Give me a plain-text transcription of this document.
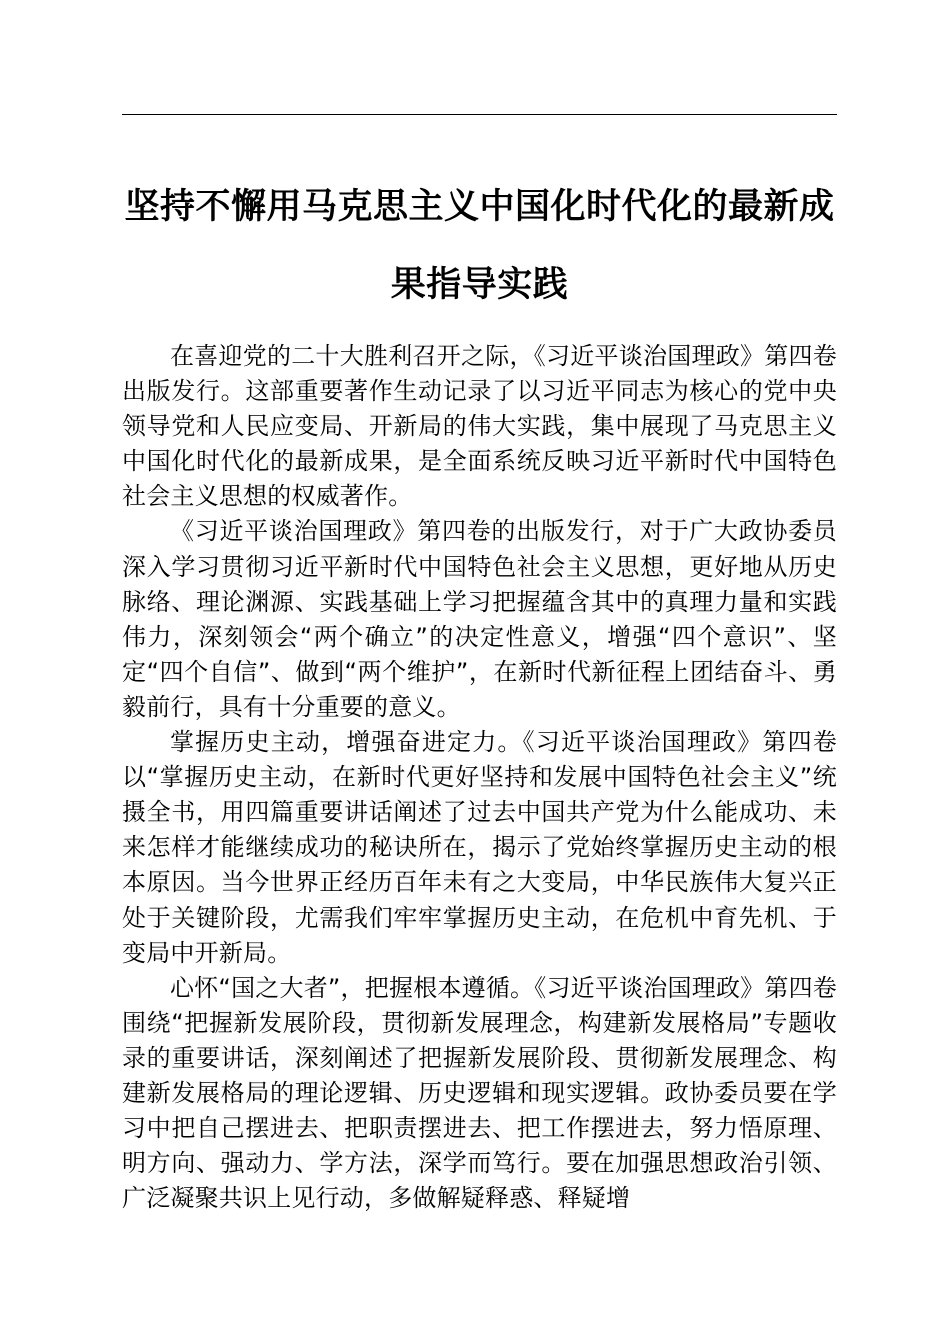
坚持不懈用马克思主义中国化时代化的最新成果指导实践

在喜迎党的二十大胜利召开之际，《习近平谈治国理政》第四卷出版发行。这部重要著作生动记录了以习近平同志为核心的党中央领导党和人民应变局、开新局的伟大实践，集中展现了马克思主义中国化时代化的最新成果，是全面系统反映习近平新时代中国特色社会主义思想的权威著作。

《习近平谈治国理政》第四卷的出版发行，对于广大政协委员深入学习贯彻习近平新时代中国特色社会主义思想，更好地从历史脉络、理论渊源、实践基础上学习把握蕴含其中的真理力量和实践伟力，深刻领会“两个确立”的决定性意义，增强“四个意识”、坚定“四个自信”、做到“两个维护”，在新时代新征程上团结奋斗、勇毅前行，具有十分重要的意义。

掌握历史主动，增强奋进定力。《习近平谈治国理政》第四卷以“掌握历史主动，在新时代更好坚持和发展中国特色社会主义”统摄全书，用四篇重要讲话阐述了过去中国共产党为什么能成功、未来怎样才能继续成功的秘诀所在，揭示了党始终掌握历史主动的根本原因。当今世界正经历百年未有之大变局，中华民族伟大复兴正处于关键阶段，尤需我们牢牢掌握历史主动，在危机中育先机、于变局中开新局。

心怀“国之大者”，把握根本遵循。《习近平谈治国理政》第四卷围绕“把握新发展阶段，贯彻新发展理念，构建新发展格局”专题收录的重要讲话，深刻阐述了把握新发展阶段、贯彻新发展理念、构建新发展格局的理论逻辑、历史逻辑和现实逻辑。政协委员要在学习中把自己摆进去、把职责摆进去、把工作摆进去，努力悟原理、明方向、强动力、学方法，深学而笃行。要在加强思想政治引领、广泛凝聚共识上见行动，多做解疑释惑、释疑增
